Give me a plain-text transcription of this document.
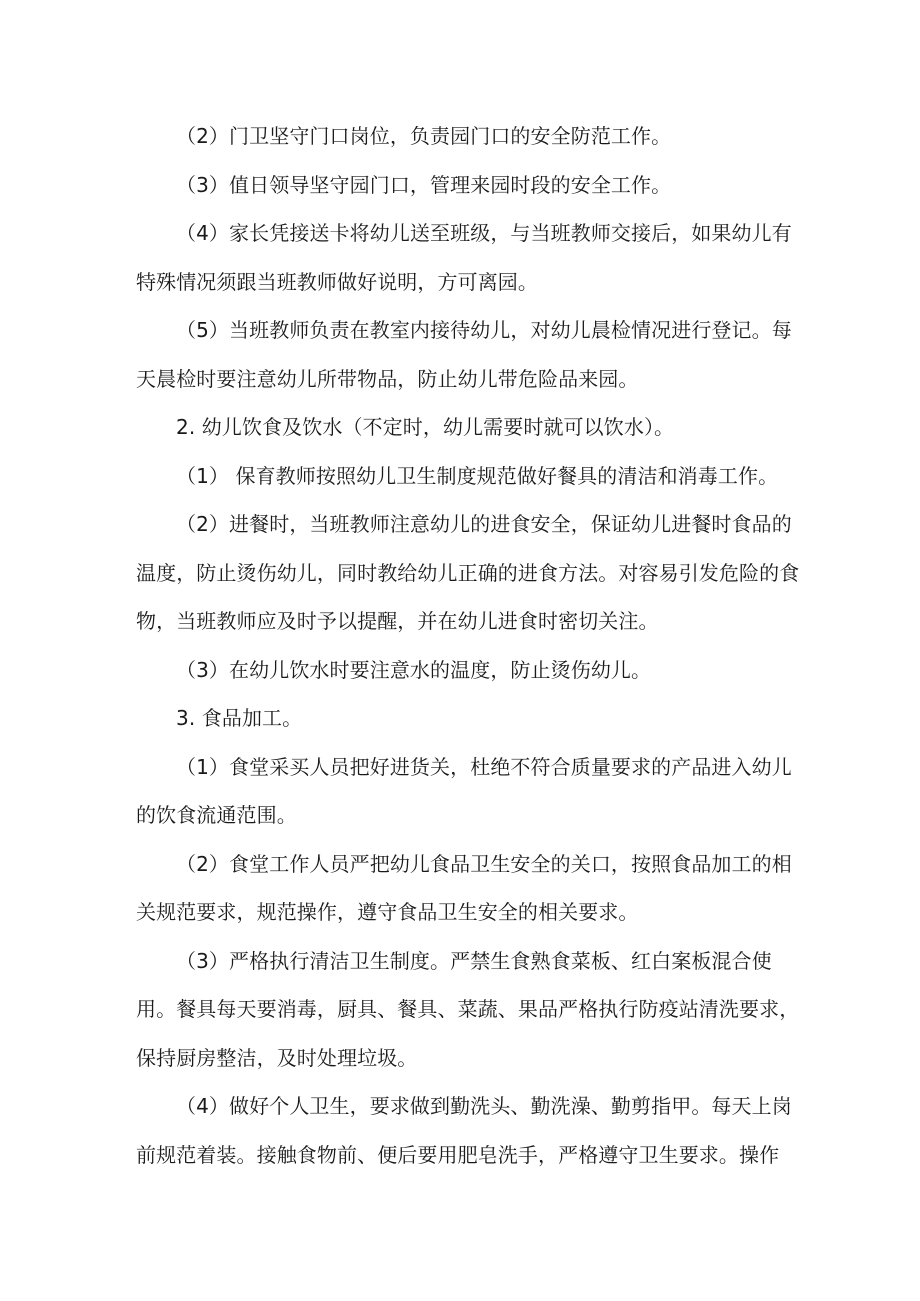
（2）门卫坚守门口岗位，负责园门口的安全防范工作。

（3）值日领导坚守园门口，管理来园时段的安全工作。

（4）家长凭接送卡将幼儿送至班级，与当班教师交接后，如果幼儿有特殊情况须跟当班教师做好说明，方可离园。

（5）当班教师负责在教室内接待幼儿，对幼儿晨检情况进行登记。每天晨检时要注意幼儿所带物品，防止幼儿带危险品来园。

2. 幼儿饮食及饮水（不定时，幼儿需要时就可以饮水）。

（1） 保育教师按照幼儿卫生制度规范做好餐具的清洁和消毒工作。

（2）进餐时，当班教师注意幼儿的进食安全，保证幼儿进餐时食品的温度，防止烫伤幼儿，同时教给幼儿正确的进食方法。对容易引发危险的食物，当班教师应及时予以提醒，并在幼儿进食时密切关注。

（3）在幼儿饮水时要注意水的温度，防止烫伤幼儿。

3. 食品加工。

（1）食堂采买人员把好进货关，杜绝不符合质量要求的产品进入幼儿的饮食流通范围。

（2）食堂工作人员严把幼儿食品卫生安全的关口，按照食品加工的相关规范要求，规范操作，遵守食品卫生安全的相关要求。

（3）严格执行清洁卫生制度。严禁生食熟食菜板、红白案板混合使用。餐具每天要消毒，厨具、餐具、菜蔬、果品严格执行防疫站清洗要求，保持厨房整洁，及时处理垃圾。

（4）做好个人卫生，要求做到勤洗头、勤洗澡、勤剪指甲。每天上岗前规范着装。接触食物前、便后要用肥皂洗手，严格遵守卫生要求。操作
